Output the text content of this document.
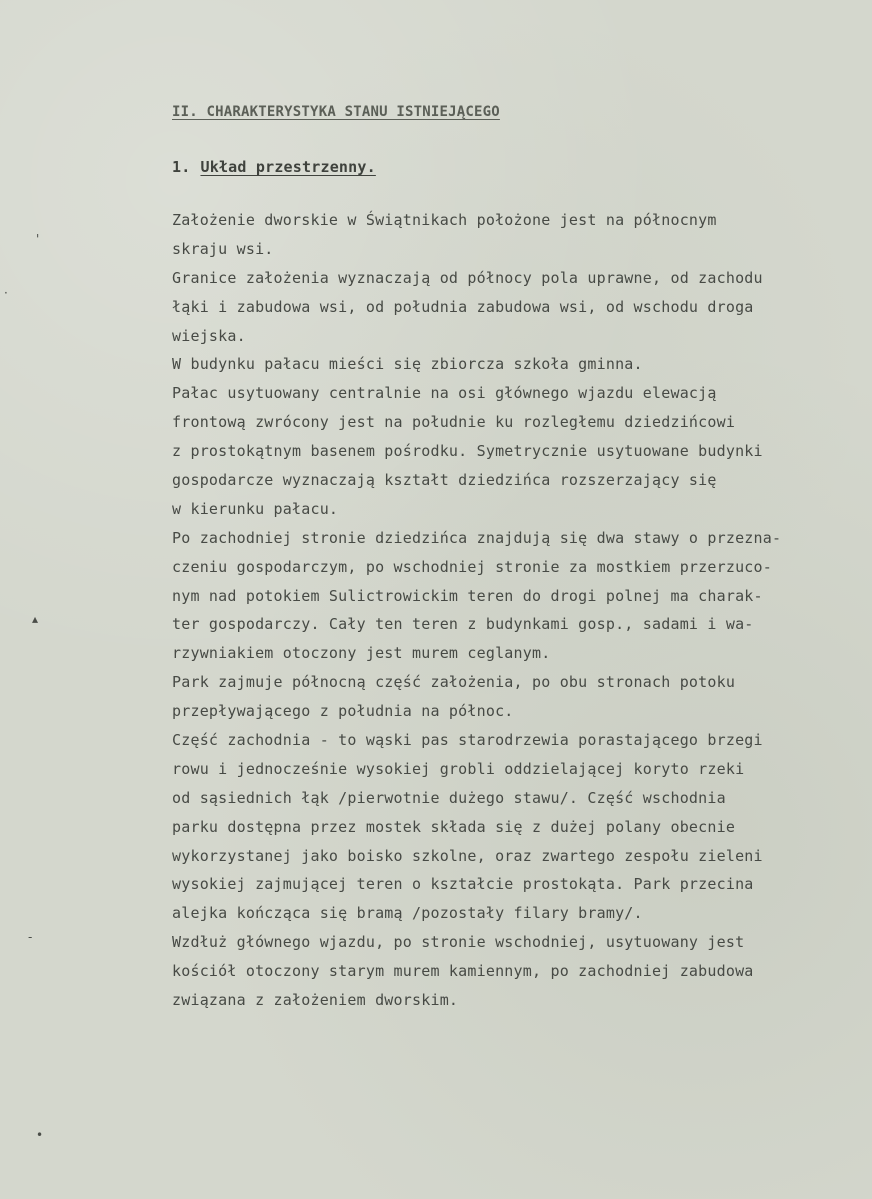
II. CHARAKTERYSTYKA STANU ISTNIEJĄCEGO
1. Układ przestrzenny.
Założenie dworskie w Świątnikach położone jest na północnym
skraju wsi.
Granice założenia wyznaczają od północy pola uprawne, od zachodu
łąki i zabudowa wsi, od południa zabudowa wsi, od wschodu droga
wiejska.
W budynku pałacu mieści się zbiorcza szkoła gminna.
Pałac usytuowany centralnie na osi głównego wjazdu elewacją
frontową zwrócony jest na południe ku rozległemu dziedzińcowi
z prostokątnym basenem pośrodku. Symetrycznie usytuowane budynki
gospodarcze wyznaczają kształt dziedzińca rozszerzający się
w kierunku pałacu.
Po zachodniej stronie dziedzińca znajdują się dwa stawy o przezna-
czeniu gospodarczym, po wschodniej stronie za mostkiem przerzuco-
nym nad potokiem Sulictrowickim teren do drogi polnej ma charak-
ter gospodarczy. Cały ten teren z budynkami gosp., sadami i wa-
rzywniakiem otoczony jest murem ceglanym.
Park zajmuje północną część założenia, po obu stronach potoku
przepływającego z południa na północ.
Część zachodnia - to wąski pas starodrzewia porastającego brzegi
rowu i jednocześnie wysokiej grobli oddzielającej koryto rzeki
od sąsiednich łąk /pierwotnie dużego stawu/. Część wschodnia
parku dostępna przez mostek składa się z dużej polany obecnie
wykorzystanej jako boisko szkolne, oraz zwartego zespołu zieleni
wysokiej zajmującej teren o kształcie prostokąta. Park przecina
alejka kończąca się bramą /pozostały filary bramy/.
Wzdłuż głównego wjazdu, po stronie wschodniej, usytuowany jest
kościół otoczony starym murem kamiennym, po zachodniej zabudowa
związana z założeniem dworskim.
'
·
▴
-
•
